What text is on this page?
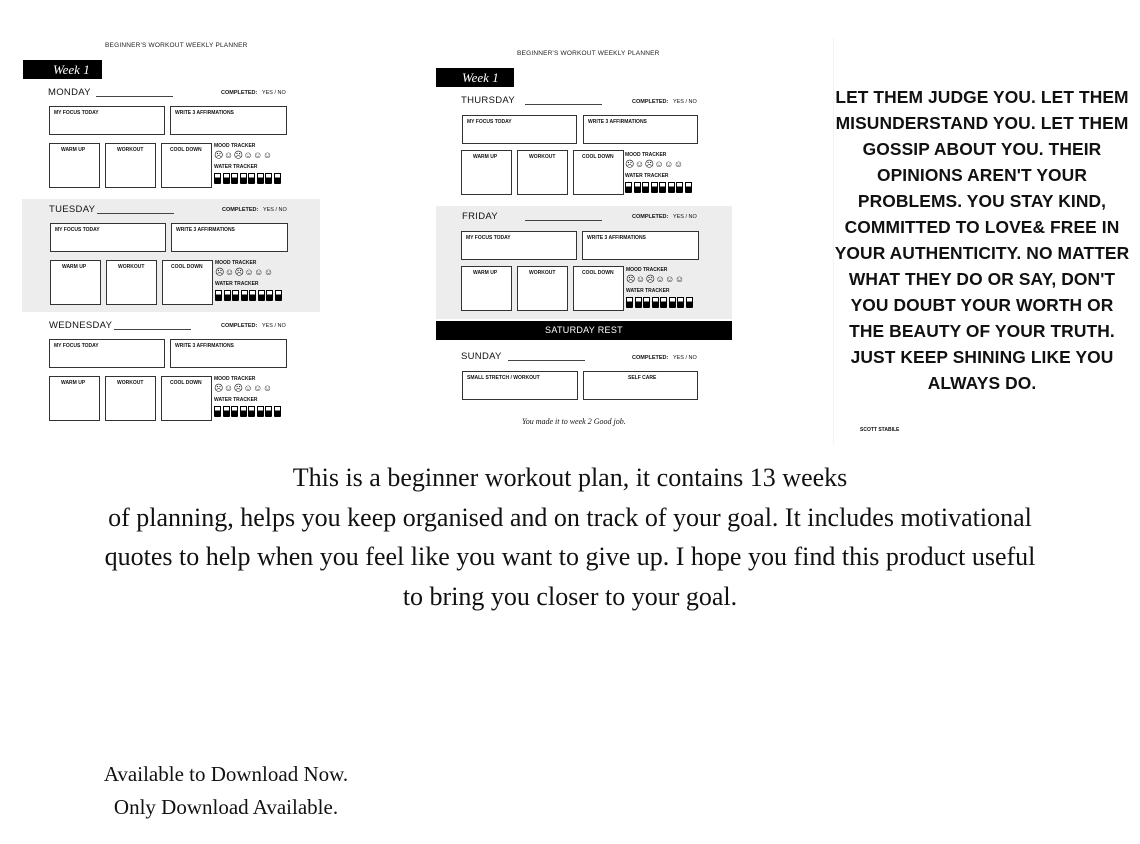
BEGINNER'S WORKOUT WEEKLY PLANNER
Week 1
MONDAY	COMPLETED: YES / NO
MY FOCUS TODAY	WRITE 3 AFFIRMATIONS
WARM UP	WORKOUT	COOL DOWN
MOOD TRACKER
☹☺☹☺☺☺
WATER TRACKER
TUESDAY	COMPLETED: YES / NO
MY FOCUS TODAY	WRITE 3 AFFIRMATIONS
WARM UP	WORKOUT	COOL DOWN
MOOD TRACKER
☹☺☹☺☺☺
WATER TRACKER
WEDNESDAY	COMPLETED: YES / NO
MY FOCUS TODAY	WRITE 3 AFFIRMATIONS
WARM UP	WORKOUT	COOL DOWN
MOOD TRACKER
☹☺☹☺☺☺
WATER TRACKER
BEGINNER'S WORKOUT WEEKLY PLANNER
Week 1
THURSDAY	COMPLETED: YES / NO
MY FOCUS TODAY	WRITE 3 AFFIRMATIONS
WARM UP	WORKOUT	COOL DOWN MOOD TRACKER
☹☺☹☺☺☺
WATER TRACKER
FRIDAY	COMPLETED: YES / NO
MY FOCUS TODAY	WRITE 3 AFFIRMATIONS
WARM UP	WORKOUT	COOL DOWN MOOD TRACKER
☹☺☹☺☺☺
WATER TRACKER
SATURDAY REST
SUNDAY	COMPLETED: YES / NO
SMALL STRETCH / WORKOUT	SELF CARE
You made it to week 2 Good job.
LET THEM JUDGE YOU. LET THEM MISUNDERSTAND YOU. LET THEM GOSSIP ABOUT YOU. THEIR OPINIONS AREN'T YOUR PROBLEMS. YOU STAY KIND, COMMITTED TO LOVE& FREE IN YOUR AUTHENTICITY. NO MATTER WHAT THEY DO OR SAY, DON'T YOU DOUBT YOUR WORTH OR THE BEAUTY OF YOUR TRUTH. JUST KEEP SHINING LIKE YOU ALWAYS DO.
SCOTT STABILE
This is a beginner workout plan, it contains 13 weeks
of planning, helps you keep organised and on track of your goal. It includes motivational
quotes to help when you feel like you want to give up. I hope you find this product useful
to bring you closer to your goal.
Available to Download Now.
Only Download Available.
